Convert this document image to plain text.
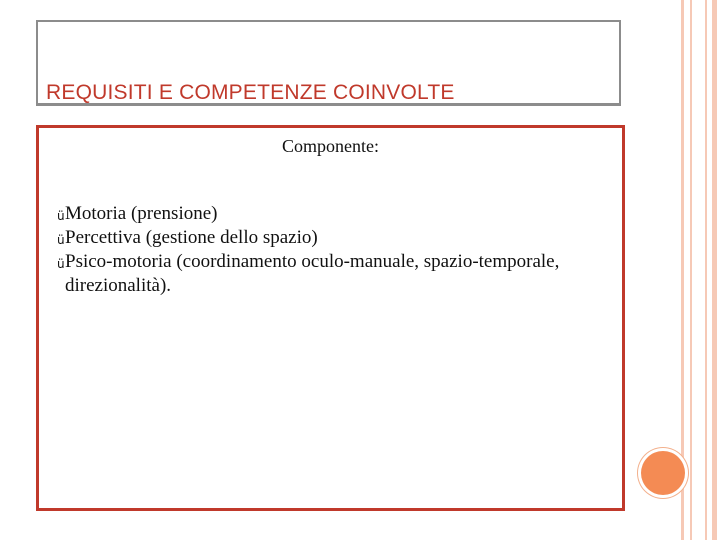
REQUISITI E COMPETENZE COINVOLTE
Componente:
ü Motoria (prensione)
ü Percettiva (gestione dello spazio)
ü Psico-motoria (coordinamento oculo-manuale, spazio-temporale, direzionalità).
